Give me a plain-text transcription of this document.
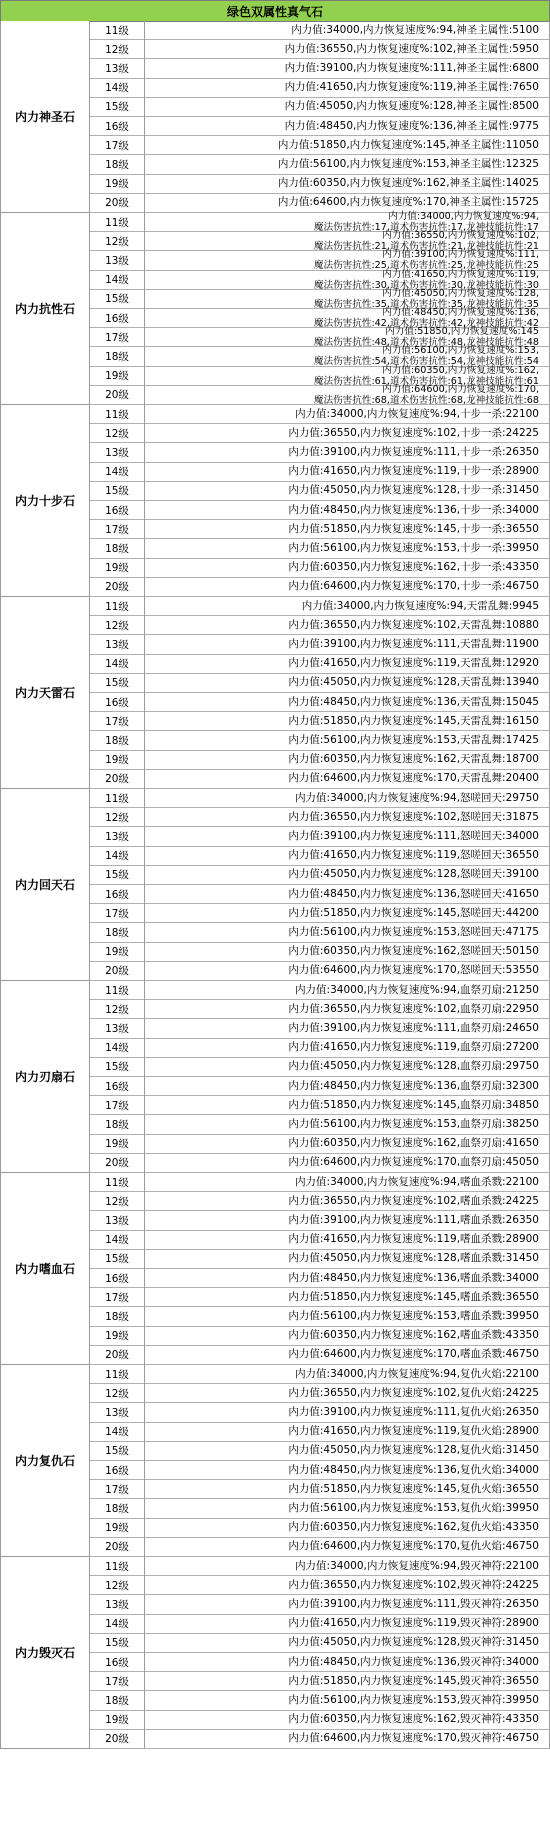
绿色双属性真气石
内力神圣石
11级	内力值:34000,内力恢复速度%:94,神圣主属性:5100
12级	内力值:36550,内力恢复速度%:102,神圣主属性:5950
13级	内力值:39100,内力恢复速度%:111,神圣主属性:6800
14级	内力值:41650,内力恢复速度%:119,神圣主属性:7650
15级	内力值:45050,内力恢复速度%:128,神圣主属性:8500
16级	内力值:48450,内力恢复速度%:136,神圣主属性:9775
17级	内力值:51850,内力恢复速度%:145,神圣主属性:11050
18级	内力值:56100,内力恢复速度%:153,神圣主属性:12325
19级	内力值:60350,内力恢复速度%:162,神圣主属性:14025
20级	内力值:64600,内力恢复速度%:170,神圣主属性:15725
内力抗性石
11级	内力值:34000,内力恢复速度%:94,
魔法伤害抗性:17,道术伤害抗性:17,龙神技能抗性:17
12级	内力值:36550,内力恢复速度%:102,
魔法伤害抗性:21,道术伤害抗性:21,龙神技能抗性:21
13级	内力值:39100,内力恢复速度%:111,
魔法伤害抗性:25,道术伤害抗性:25,龙神技能抗性:25
14级	内力值:41650,内力恢复速度%:119,
魔法伤害抗性:30,道术伤害抗性:30,龙神技能抗性:30
15级	内力值:45050,内力恢复速度%:128,
魔法伤害抗性:35,道术伤害抗性:35,龙神技能抗性:35
16级	内力值:48450,内力恢复速度%:136,
魔法伤害抗性:42,道术伤害抗性:42,龙神技能抗性:42
17级	内力值:51850,内力恢复速度%:145
魔法伤害抗性:48,道术伤害抗性:48,龙神技能抗性:48
18级	内力值:56100,内力恢复速度%:153,
魔法伤害抗性:54,道术伤害抗性:54,龙神技能抗性:54
19级	内力值:60350,内力恢复速度%:162,
魔法伤害抗性:61,道术伤害抗性:61,龙神技能抗性:61
20级	内力值:64600,内力恢复速度%:170,
魔法伤害抗性:68,道术伤害抗性:68,龙神技能抗性:68
内力十步石
11级	内力值:34000,内力恢复速度%:94,十步一杀:22100
12级	内力值:36550,内力恢复速度%:102,十步一杀:24225
13级	内力值:39100,内力恢复速度%:111,十步一杀:26350
14级	内力值:41650,内力恢复速度%:119,十步一杀:28900
15级	内力值:45050,内力恢复速度%:128,十步一杀:31450
16级	内力值:48450,内力恢复速度%:136,十步一杀:34000
17级	内力值:51850,内力恢复速度%:145,十步一杀:36550
18级	内力值:56100,内力恢复速度%:153,十步一杀:39950
19级	内力值:60350,内力恢复速度%:162,十步一杀:43350
20级	内力值:64600,内力恢复速度%:170,十步一杀:46750
内力天雷石
11级	内力值:34000,内力恢复速度%:94,天雷乱舞:9945
12级	内力值:36550,内力恢复速度%:102,天雷乱舞:10880
13级	内力值:39100,内力恢复速度%:111,天雷乱舞:11900
14级	内力值:41650,内力恢复速度%:119,天雷乱舞:12920
15级	内力值:45050,内力恢复速度%:128,天雷乱舞:13940
16级	内力值:48450,内力恢复速度%:136,天雷乱舞:15045
17级	内力值:51850,内力恢复速度%:145,天雷乱舞:16150
18级	内力值:56100,内力恢复速度%:153,天雷乱舞:17425
19级	内力值:60350,内力恢复速度%:162,天雷乱舞:18700
20级	内力值:64600,内力恢复速度%:170,天雷乱舞:20400
内力回天石
11级	内力值:34000,内力恢复速度%:94,怒嗟回天:29750
12级	内力值:36550,内力恢复速度%:102,怒嗟回天:31875
13级	内力值:39100,内力恢复速度%:111,怒嗟回天:34000
14级	内力值:41650,内力恢复速度%:119,怒嗟回天:36550
15级	内力值:45050,内力恢复速度%:128,怒嗟回天:39100
16级	内力值:48450,内力恢复速度%:136,怒嗟回天:41650
17级	内力值:51850,内力恢复速度%:145,怒嗟回天:44200
18级	内力值:56100,内力恢复速度%:153,怒嗟回天:47175
19级	内力值:60350,内力恢复速度%:162,怒嗟回天:50150
20级	内力值:64600,内力恢复速度%:170,怒嗟回天:53550
内力刃扇石
11级	内力值:34000,内力恢复速度%:94,血祭刃扇:21250
12级	内力值:36550,内力恢复速度%:102,血祭刃扇:22950
13级	内力值:39100,内力恢复速度%:111,血祭刃扇:24650
14级	内力值:41650,内力恢复速度%:119,血祭刃扇:27200
15级	内力值:45050,内力恢复速度%:128,血祭刃扇:29750
16级	内力值:48450,内力恢复速度%:136,血祭刃扇:32300
17级	内力值:51850,内力恢复速度%:145,血祭刃扇:34850
18级	内力值:56100,内力恢复速度%:153,血祭刃扇:38250
19级	内力值:60350,内力恢复速度%:162,血祭刃扇:41650
20级	内力值:64600,内力恢复速度%:170,血祭刃扇:45050
内力嗜血石
11级	内力值:34000,内力恢复速度%:94,嗜血杀戮:22100
12级	内力值:36550,内力恢复速度%:102,嗜血杀戮:24225
13级	内力值:39100,内力恢复速度%:111,嗜血杀戮:26350
14级	内力值:41650,内力恢复速度%:119,嗜血杀戮:28900
15级	内力值:45050,内力恢复速度%:128,嗜血杀戮:31450
16级	内力值:48450,内力恢复速度%:136,嗜血杀戮:34000
17级	内力值:51850,内力恢复速度%:145,嗜血杀戮:36550
18级	内力值:56100,内力恢复速度%:153,嗜血杀戮:39950
19级	内力值:60350,内力恢复速度%:162,嗜血杀戮:43350
20级	内力值:64600,内力恢复速度%:170,嗜血杀戮:46750
内力复仇石
11级	内力值:34000,内力恢复速度%:94,复仇火焰:22100
12级	内力值:36550,内力恢复速度%:102,复仇火焰:24225
13级	内力值:39100,内力恢复速度%:111,复仇火焰:26350
14级	内力值:41650,内力恢复速度%:119,复仇火焰:28900
15级	内力值:45050,内力恢复速度%:128,复仇火焰:31450
16级	内力值:48450,内力恢复速度%:136,复仇火焰:34000
17级	内力值:51850,内力恢复速度%:145,复仇火焰:36550
18级	内力值:56100,内力恢复速度%:153,复仇火焰:39950
19级	内力值:60350,内力恢复速度%:162,复仇火焰:43350
20级	内力值:64600,内力恢复速度%:170,复仇火焰:46750
内力毁灭石
11级	内力值:34000,内力恢复速度%:94,毁灭神符:22100
12级	内力值:36550,内力恢复速度%:102,毁灭神符:24225
13级	内力值:39100,内力恢复速度%:111,毁灭神符:26350
14级	内力值:41650,内力恢复速度%:119,毁灭神符:28900
15级	内力值:45050,内力恢复速度%:128,毁灭神符:31450
16级	内力值:48450,内力恢复速度%:136,毁灭神符:34000
17级	内力值:51850,内力恢复速度%:145,毁灭神符:36550
18级	内力值:56100,内力恢复速度%:153,毁灭神符:39950
19级	内力值:60350,内力恢复速度%:162,毁灭神符:43350
20级	内力值:64600,内力恢复速度%:170,毁灭神符:46750
